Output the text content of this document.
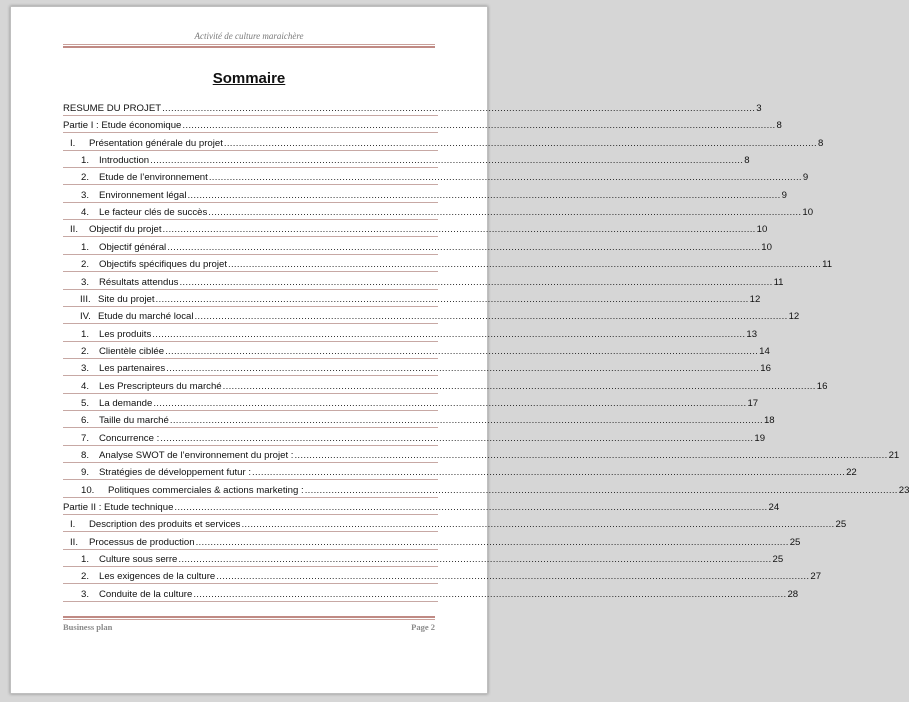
Activité de culture maraichère
Sommaire
RESUME DU PROJET ........................................................................................................................................................................................................ 3
Partie I : Etude économique ........................................................................................................................................................................................................ 8
I.	Présentation générale du projet ........................................................................................................................................................................................................ 8
1.	Introduction ........................................................................................................................................................................................................ 8
2.	Etude de l’environnement ........................................................................................................................................................................................................ 9
3.	Environnement légal ........................................................................................................................................................................................................ 9
4.	Le facteur clés de succès ........................................................................................................................................................................................................ 10
II.	Objectif du projet ........................................................................................................................................................................................................ 10
1.	Objectif général ........................................................................................................................................................................................................ 10
2.	Objectifs spécifiques du projet ........................................................................................................................................................................................................ 11
3.	Résultats attendus ........................................................................................................................................................................................................ 11
III. Site du projet ........................................................................................................................................................................................................ 12
IV. Etude du marché local ........................................................................................................................................................................................................ 12
1.	Les produits ........................................................................................................................................................................................................ 13
2.	Clientèle ciblée ........................................................................................................................................................................................................ 14
3.	Les partenaires ........................................................................................................................................................................................................ 16
4.	Les Prescripteurs du marché ........................................................................................................................................................................................................ 16
5.	La demande ........................................................................................................................................................................................................ 17
6.	Taille du marché ........................................................................................................................................................................................................ 18
7.	Concurrence : ........................................................................................................................................................................................................ 19
8.	Analyse SWOT de l’environnement du projet : ........................................................................................................................................................................................................ 21
9.	Stratégies de développement futur : ........................................................................................................................................................................................................ 22
10.	Politiques commerciales & actions marketing : ........................................................................................................................................................................................................ 23
Partie II : Etude technique ........................................................................................................................................................................................................ 24
I.	Description des produits et services ........................................................................................................................................................................................................ 25
II.	Processus de production ........................................................................................................................................................................................................ 25
1.	Culture sous serre ........................................................................................................................................................................................................ 25
2.	Les exigences de la culture ........................................................................................................................................................................................................ 27
3.	Conduite de la culture ........................................................................................................................................................................................................ 28
Business plan	Page 2
